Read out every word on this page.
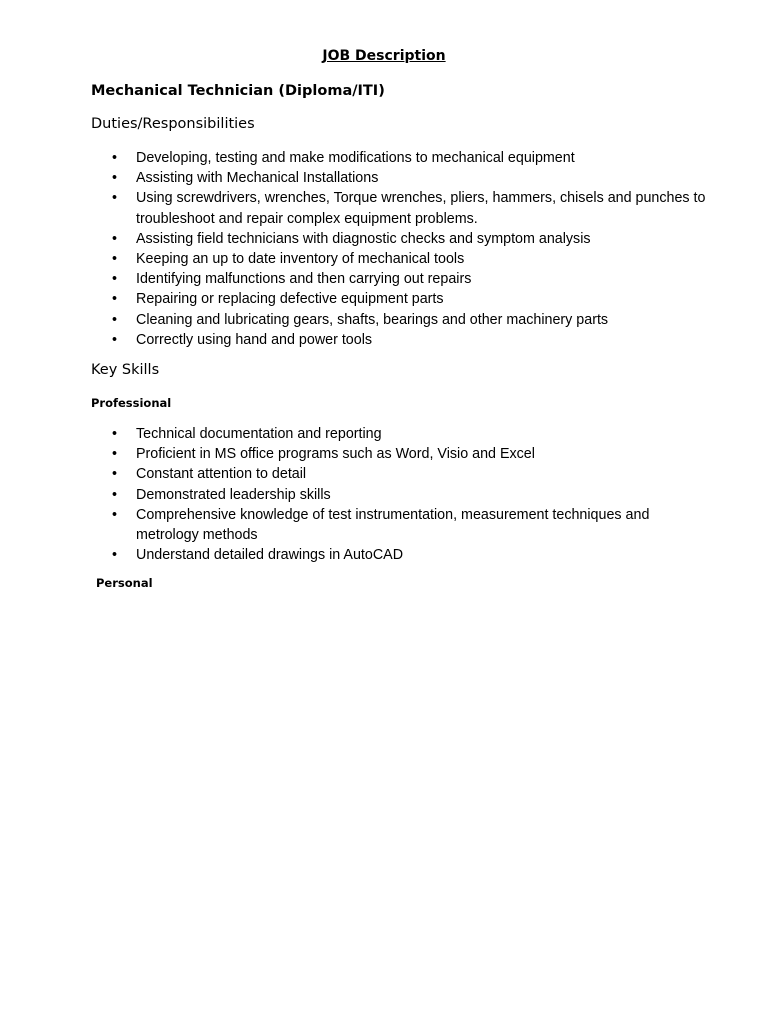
JOB Description
Mechanical Technician (Diploma/ITI)
Duties/Responsibilities
• Developing, testing and make modifications to mechanical equipment
• Assisting with Mechanical Installations
• Using screwdrivers, wrenches, Torque wrenches, pliers, hammers, chisels and punches to troubleshoot and repair complex equipment problems.
• Assisting field technicians with diagnostic checks and symptom analysis
• Keeping an up to date inventory of mechanical tools
• Identifying malfunctions and then carrying out repairs
• Repairing or replacing defective equipment parts
• Cleaning and lubricating gears, shafts, bearings and other machinery parts
• Correctly using hand and power tools
Key Skills
Professional
• Technical documentation and reporting
• Proficient in MS office programs such as Word, Visio and Excel
• Constant attention to detail
• Demonstrated leadership skills
• Comprehensive knowledge of test instrumentation, measurement techniques and metrology methods
• Understand detailed drawings in AutoCAD
Personal
